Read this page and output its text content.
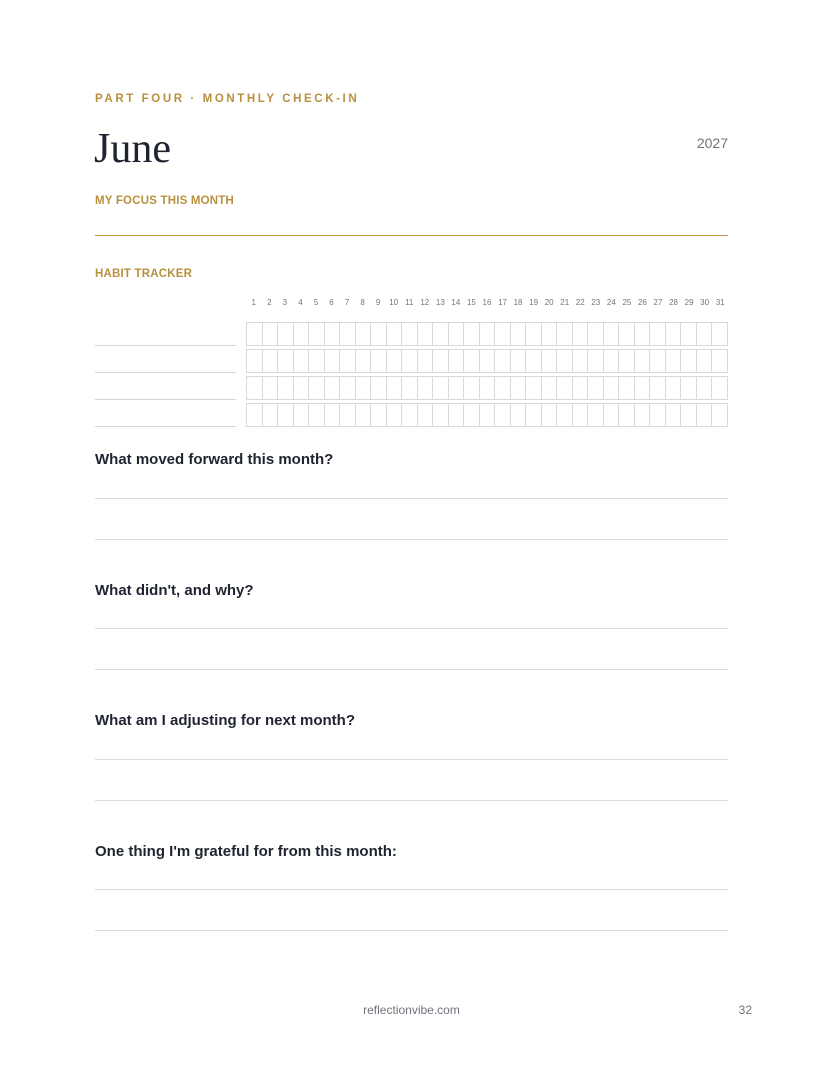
PART FOUR · MONTHLY CHECK-IN
June	2027
MY FOCUS THIS MONTH
HABIT TRACKER
1	2	3	4	5	6	7	8	9	10 11 12 13 14 15 16 17 18 19 20 21 22 23 24 25 26 27 28 29 30 31
What moved forward this month?
What didn't, and why?
What am I adjusting for next month?
One thing I'm grateful for from this month:
reflectionvibe.com	32
